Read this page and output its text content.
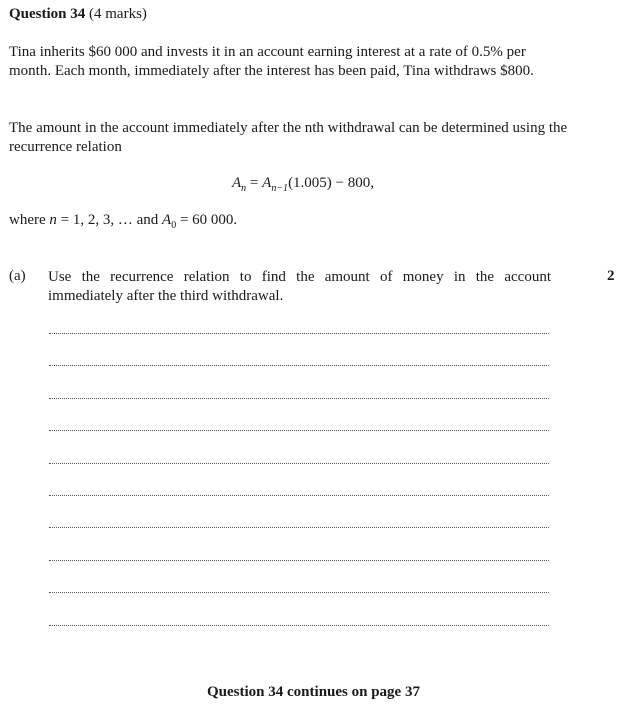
Question 34 (4 marks)
Tina inherits $60 000 and invests it in an account earning interest at a rate of 0.5% per month. Each month, immediately after the interest has been paid, Tina withdraws $800.
The amount in the account immediately after the nth withdrawal can be determined using the recurrence relation
$A_n = A_{n-1}(1.005) - 800$,
where n = 1, 2, 3, … and $A_0 = 60$ 000.
(a) Use the recurrence relation to find the amount of money in the account immediately after the third withdrawal.
2
Question 34 continues on page 37
